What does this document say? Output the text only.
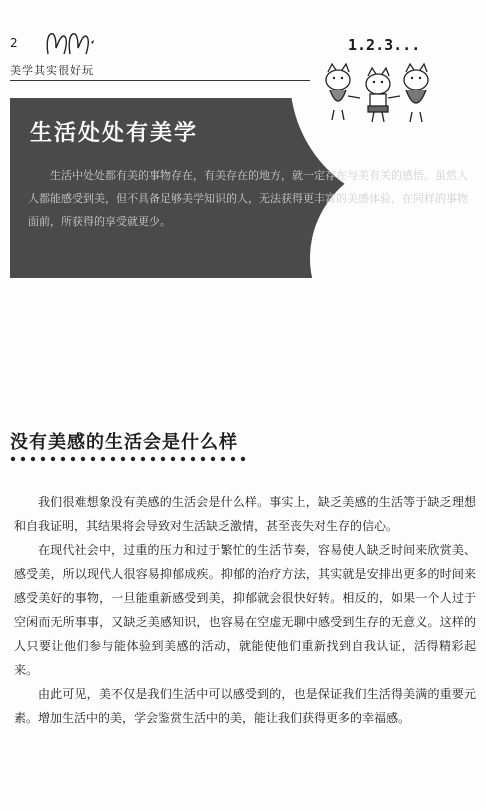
2
美学其实很好玩
生活处处有美学
生活中处处都有美的事物存在，有美存在的地方，就一定存在与美有关的感悟。虽然人人都能感受到美，但不具备足够美学知识的人，无法获得更丰富的美感体验，在同样的事物面前，所获得的享受就更少。
1.2.3...
没有美感的生活会是什么样

我们很难想象没有美感的生活会是什么样。事实上，缺乏美感的生活等于缺乏理想和自我证明，其结果将会导致对生活缺乏激情，甚至丧失对生存的信心。

在现代社会中，过重的压力和过于繁忙的生活节奏，容易使人缺乏时间来欣赏美、感受美，所以现代人很容易抑郁成疾。抑郁的治疗方法，其实就是安排出更多的时间来感受美好的事物，一旦能重新感受到美，抑郁就会很快好转。相反的，如果一个人过于空闲而无所事事，又缺乏美感知识，也容易在空虚无聊中感受到生存的无意义。这样的人只要让他们参与能体验到美感的活动，就能使他们重新找到自我认证，活得精彩起来。

由此可见，美不仅是我们生活中可以感受到的，也是保证我们生活得美满的重要元素。增加生活中的美，学会鉴赏生活中的美，能让我们获得更多的幸福感。
